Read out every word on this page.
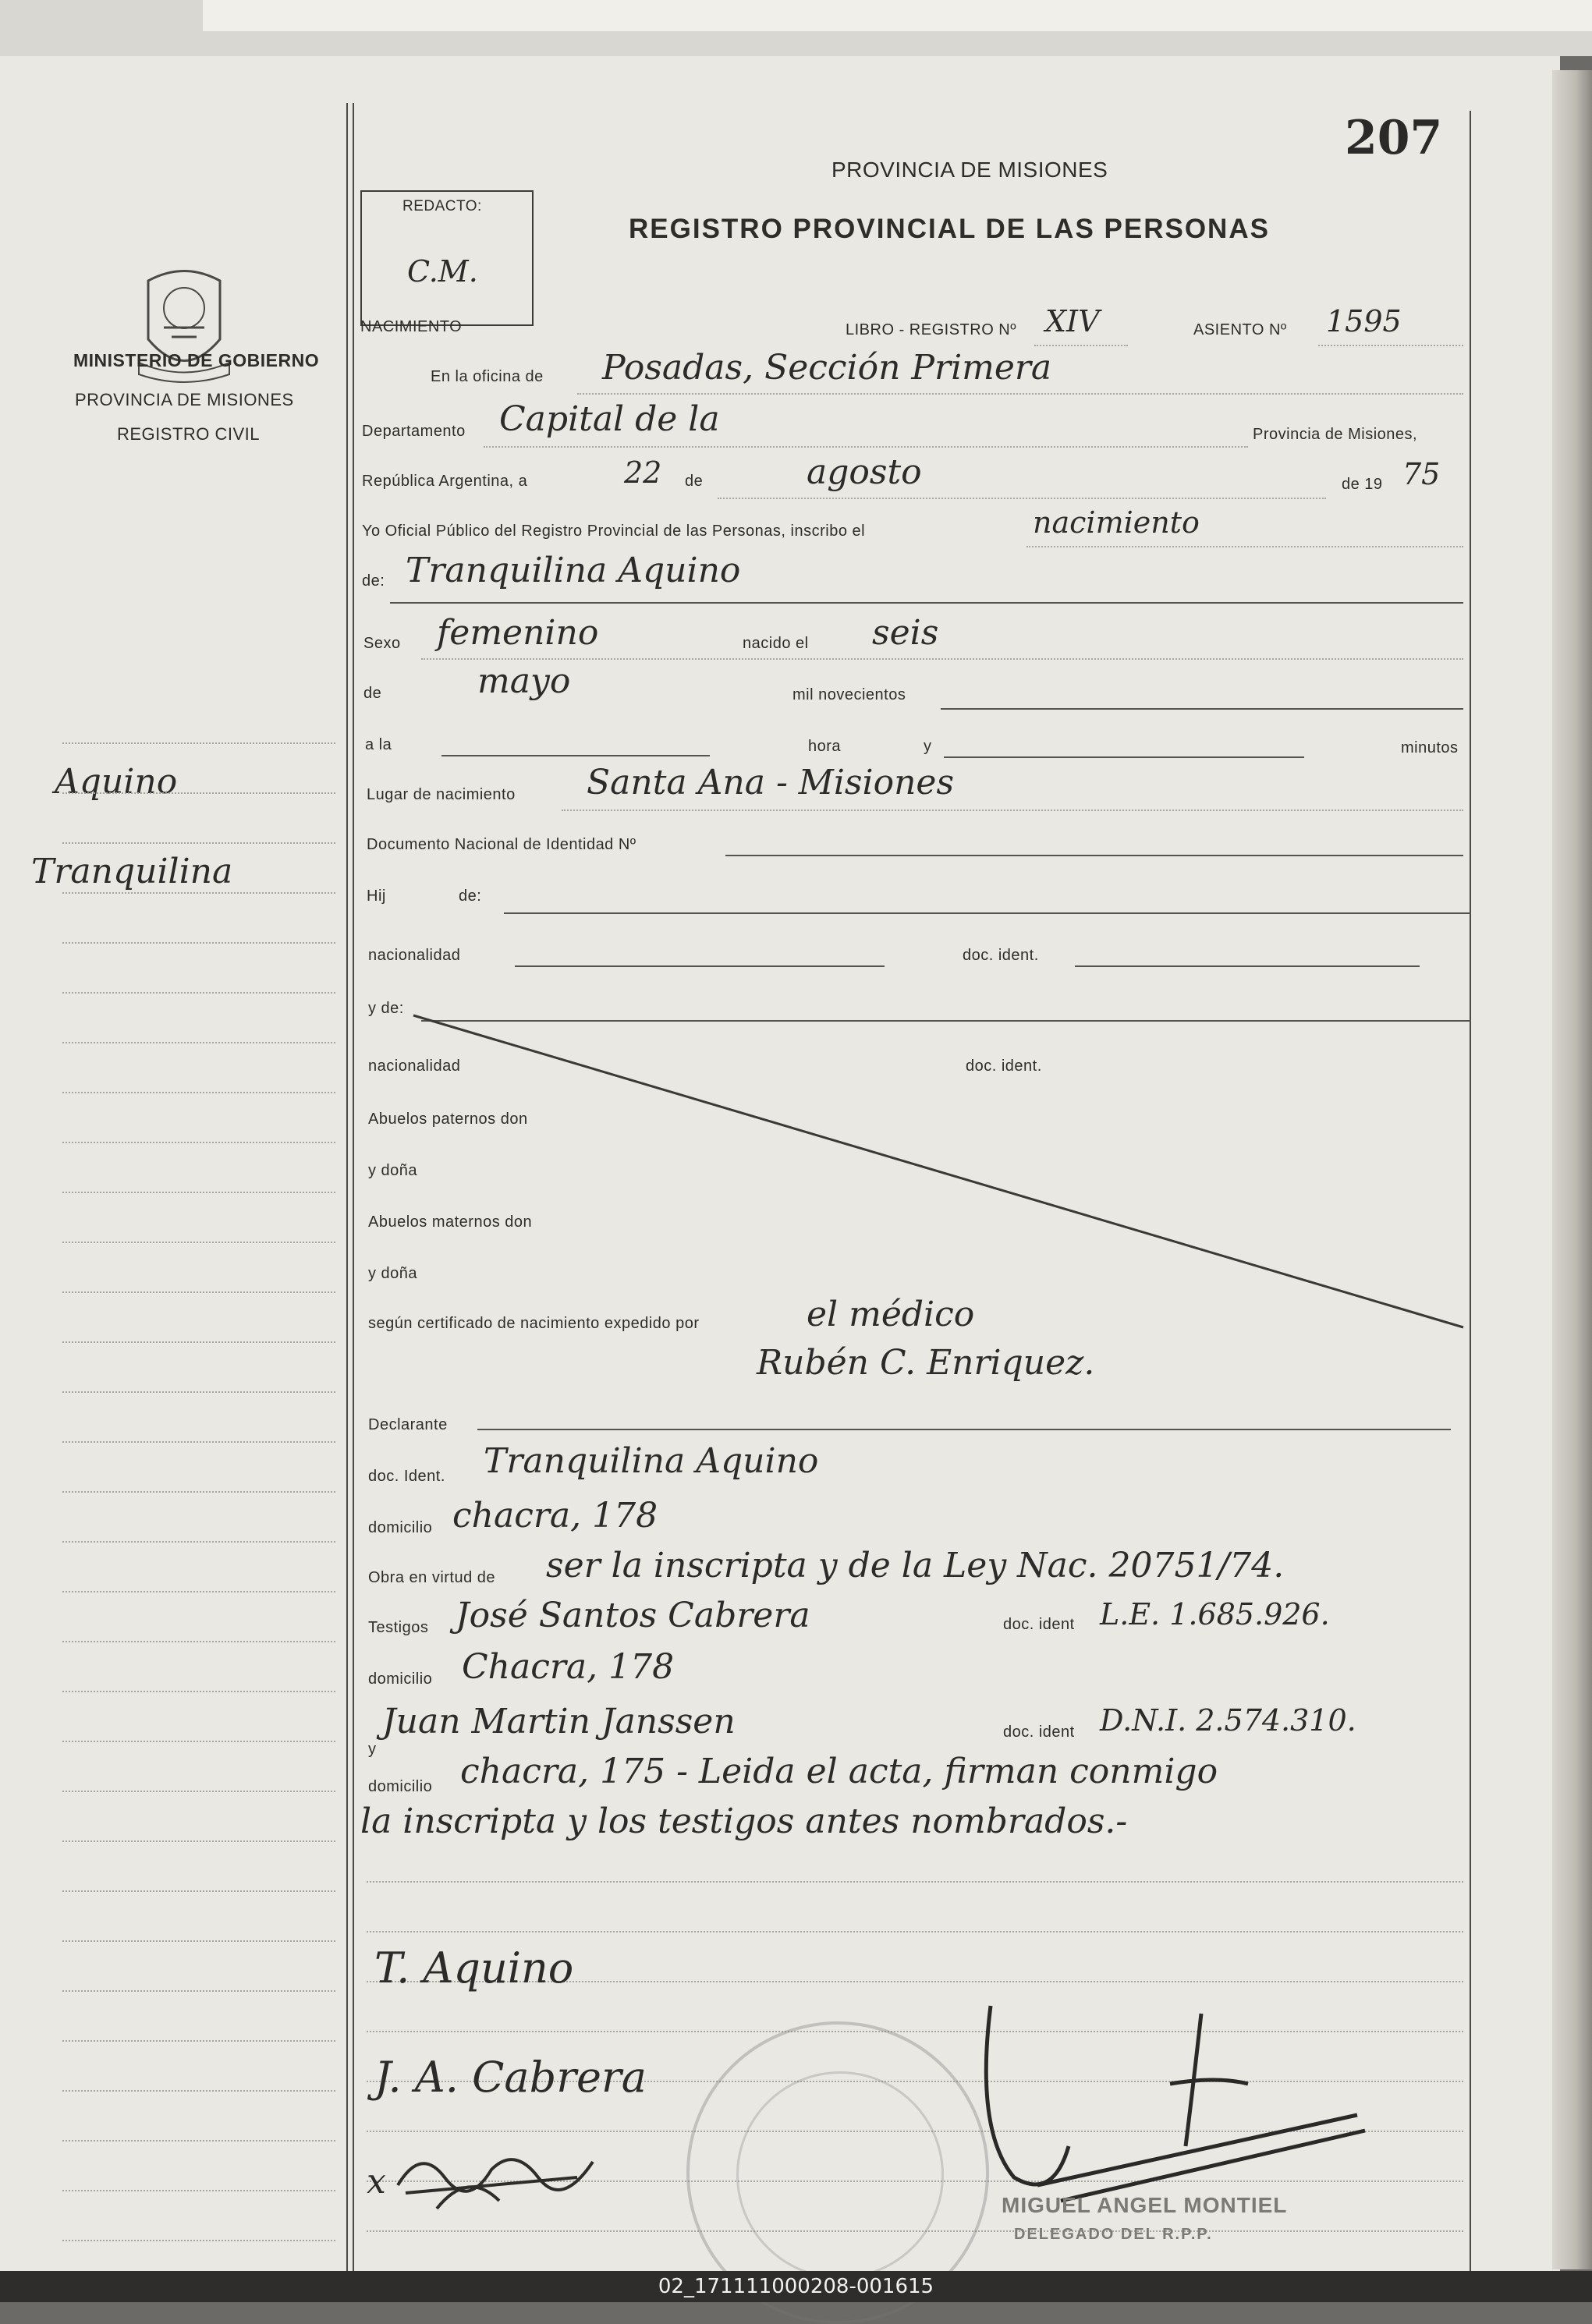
MINISTERIO DE GOBIERNO
PROVINCIA DE MISIONES
REGISTRO CIVIL
Aquino
Tranquilina
REDACTO:
C.M.
PROVINCIA DE MISIONES
REGISTRO PROVINCIAL DE LAS PERSONAS
207
NACIMIENTO	LIBRO - REGISTRO Nº XIV	ASIENTO Nº 1595
En la oficina de Posadas, Sección Primera
Departamento Capital de la	Provincia de Misiones,
República Argentina, a	22 de	agosto	de 19 75
Yo Oficial Público del Registro Provincial de las Personas, inscribo el	nacimiento
de: Tranquilina Aquino
Sexo femenino	nacido el seis
de	mayo	mil novecientos
a la	hora	y	minutos
Lugar de nacimiento Santa Ana - Misiones
Documento Nacional de Identidad Nº
Hij	de:
nacionalidad	doc. ident.
y de:
nacionalidad	doc. ident.
Abuelos paternos don
y doña
Abuelos maternos don
y doña
según certificado de nacimiento expedido por	el médico
Rubén C. Enriquez.
Declarante
doc. Ident. Tranquilina Aquino
domicilio chacra, 178
Obra en virtud de ser la inscripta y de la Ley Nac. 20751/74.
Testigos José Santos Cabrera	doc. ident L.E. 1.685.926.
domicilio Chacra, 178
y
Juan Martin Janssen	doc. ident D.N.I. 2.574.310.
domicilio chacra, 175 - Leida el acta, firman conmigo
la inscripta y los testigos antes nombrados.-
T. Aquino
J. A. Cabrera
x
MIGUEL ANGEL MONTIEL
DELEGADO DEL R.P.P.
02_171111000208-001615
